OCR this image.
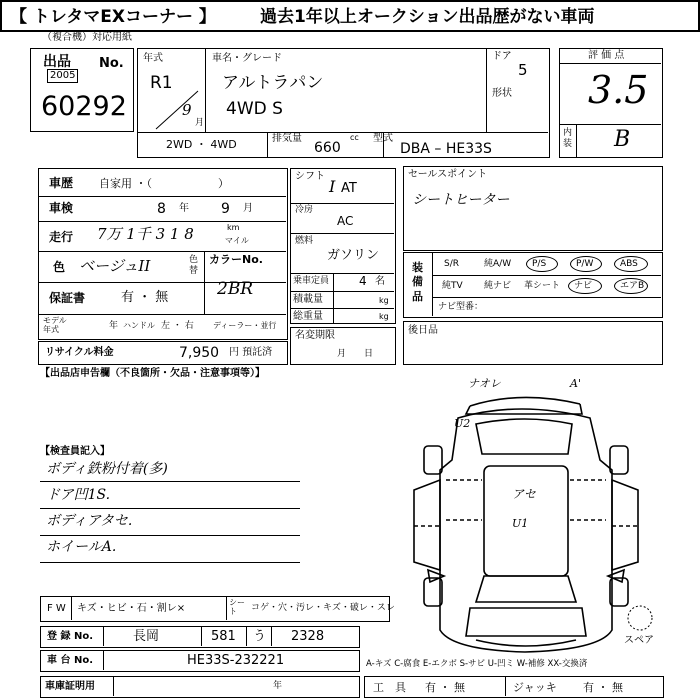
【 トレタマEXコーナー 】	過去1年以上オークション出品歴がない車両
（複合機）対応用紙
出品 No.
2005
60292
年式
R1
9
月
車名・グレード
アルトラパン
4WD S
ドア
5
形状
2WD ・ 4WD	排気量
660
cc 型式
DBA – HE33S
評 価 点
3.5
内装 B
車歴 自家用 ・（　　　　　　）
車検	8 年 9 月
走行 7万 1千 3 1 8	km
マイル
色 ベージュII	色替
カラーNo.
2BR
保証書	有 ・ 無
モデル年式	年 ハンドル 左 ・ 右 ディーラー・並行
リサイクル料金	7,950 円 預託済
シフト
I AT
冷房
AC
燃料
ガソリン
乗車定員 4 名
積載量	kg
総重量	kg
名変期限
月　　日
セールスポイント
シートヒーター
装備品
S/R	純A/W P/S	P/W	ABS
純TV 純ナビ 革シート ナビ	エアB
ナビ型番：
後日品
【出品店申告欄（不良箇所・欠品・注意事項等）】
【検査員記入】
ボディ鉄粉付着(多)
ドア凹1S.
ボディアタセ.
ホイールA.
ナオレ	A'
U2
アセ
U1
スペア
F W キズ・ヒビ・石・割レ×
シート	コゲ・穴・汚レ・キズ・破レ・スレ
登 録 No.	長岡	581 う 2328
車 台 No.	HE33S-232221	A-キズ C-腐食 E-エクボ S-サビ U-凹ミ W-補修 XX-交換済
車庫証明用	年	工　具 有 ・ 無	ジャッキ 有 ・ 無
